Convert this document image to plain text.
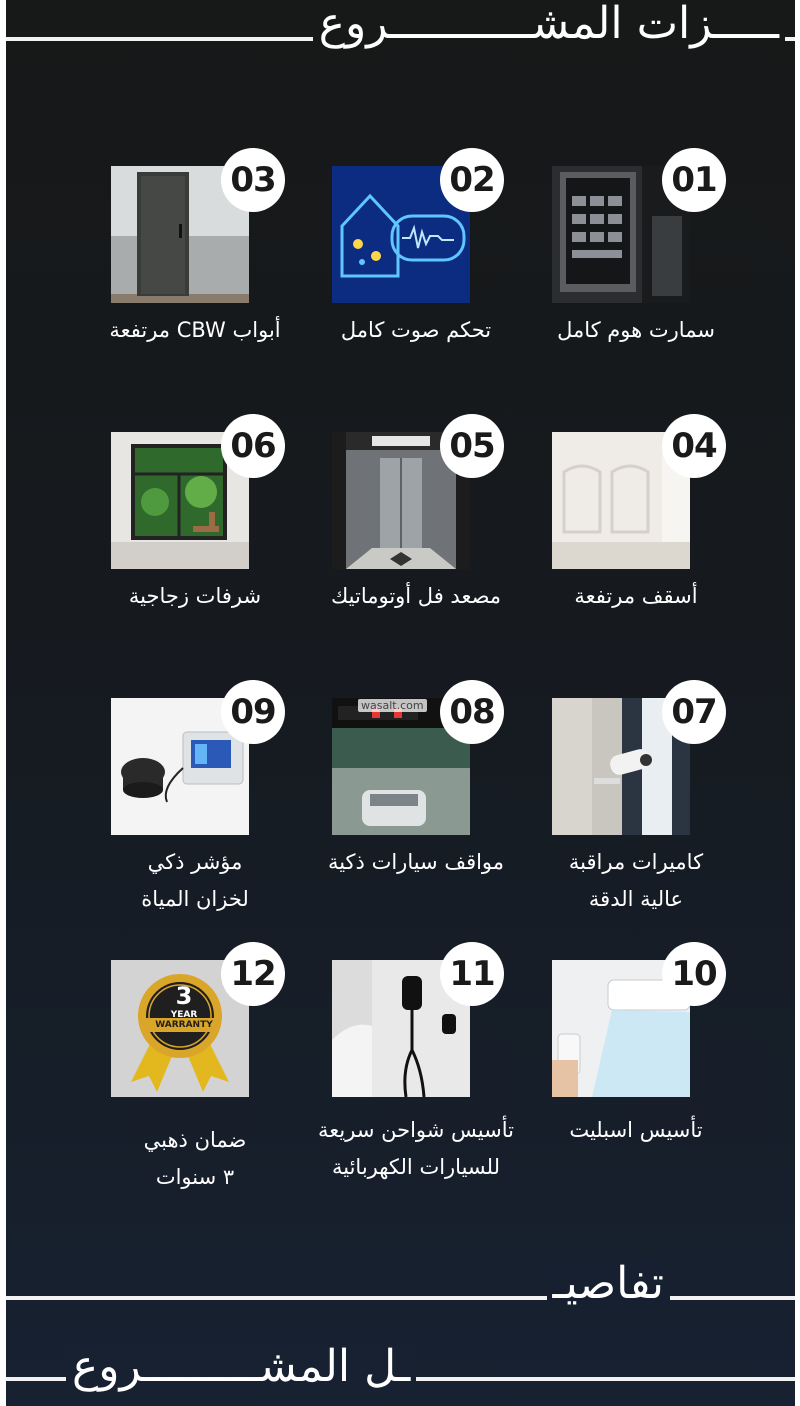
ـــــزات المشـــــــــــروع
01
سمارت هوم كامل
02
تحكم صوت كامل
03
أبواب CBW مرتفعة
04
أسقف مرتفعة
05
مصعد فل أوتوماتيك
06
شرفات زجاجية
07
كاميرات مراقبة
عالية الدقة
wasalt.com 08
مواقف سيارات ذكية
09
مؤشر ذكي
لخزان المياة
10
تأسيس اسبليت
11
تأسيس شواحن سريعة
للسيارات الكهربائية
3
YEAR
WARRANTY
12
ضمان ذهبي
٣ سنوات
تفاصيـ
ـل المشـــــــــروع
